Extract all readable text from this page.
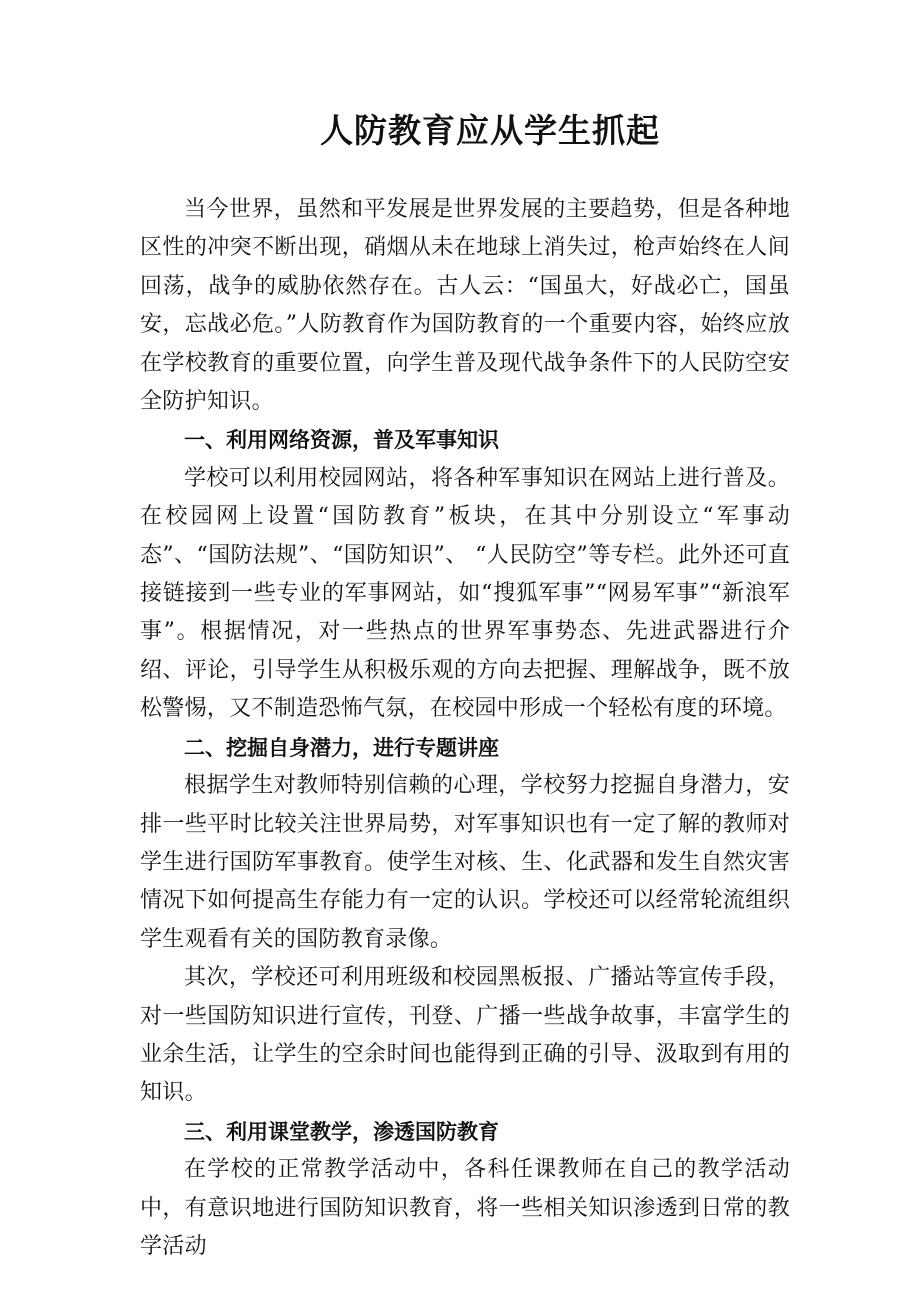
人防教育应从学生抓起

当今世界，虽然和平发展是世界发展的主要趋势，但是各种地区性的冲突不断出现，硝烟从未在地球上消失过，枪声始终在人间回荡，战争的威胁依然存在。古人云：“国虽大，好战必亡，国虽安，忘战必危。”人防教育作为国防教育的一个重要内容，始终应放在学校教育的重要位置，向学生普及现代战争条件下的人民防空安全防护知识。

一、利用网络资源，普及军事知识

学校可以利用校园网站，将各种军事知识在网站上进行普及。在校园网上设置“国防教育”板块，在其中分别设立“军事动态”、“国防法规”、“国防知识”、 “人民防空”等专栏。此外还可直接链接到一些专业的军事网站，如“搜狐军事”“网易军事”“新浪军事”。根据情况，对一些热点的世界军事势态、先进武器进行介绍、评论，引导学生从积极乐观的方向去把握、理解战争，既不放松警惕，又不制造恐怖气氛，在校园中形成一个轻松有度的环境。

二、挖掘自身潜力，进行专题讲座

根据学生对教师特别信赖的心理，学校努力挖掘自身潜力，安排一些平时比较关注世界局势，对军事知识也有一定了解的教师对学生进行国防军事教育。使学生对核、生、化武器和发生自然灾害情况下如何提高生存能力有一定的认识。学校还可以经常轮流组织学生观看有关的国防教育录像。

其次，学校还可利用班级和校园黑板报、广播站等宣传手段，对一些国防知识进行宣传，刊登、广播一些战争故事，丰富学生的业余生活，让学生的空余时间也能得到正确的引导、汲取到有用的知识。

三、利用课堂教学，渗透国防教育

在学校的正常教学活动中，各科任课教师在自己的教学活动中，有意识地进行国防知识教育，将一些相关知识渗透到日常的教学活动
